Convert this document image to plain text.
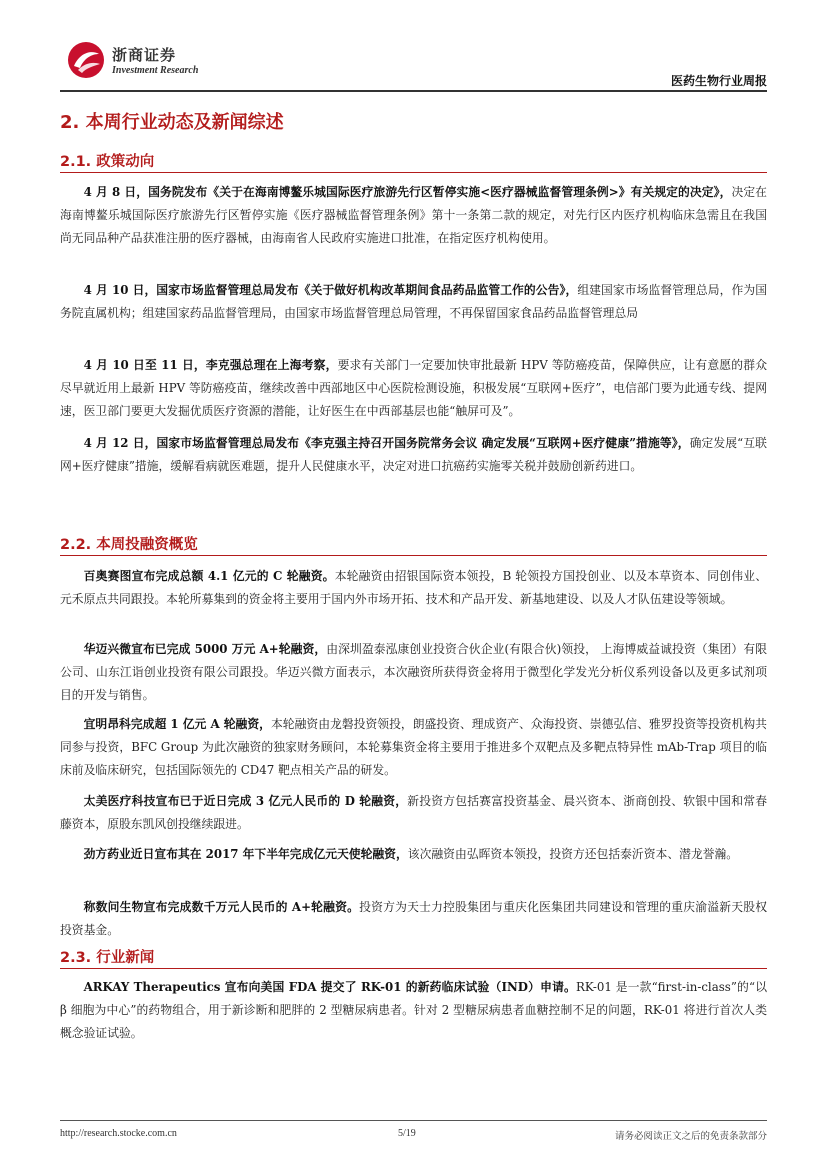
浙商证券
Investment Research
医药生物行业周报
2. 本周行业动态及新闻综述
2.1. 政策动向
4 月 8 日，国务院发布《关于在海南博鳌乐城国际医疗旅游先行区暂停实施<医疗器械监督管理条例>》有关规定的决定》，决定在海南博鳌乐城国际医疗旅游先行区暂停实施《医疗器械监督管理条例》第十一条第二款的规定，对先行区内医疗机构临床急需且在我国尚无同品种产品获准注册的医疗器械，由海南省人民政府实施进口批准，在指定医疗机构使用。
4 月 10 日，国家市场监督管理总局发布《关于做好机构改革期间食品药品监管工作的公告》，组建国家市场监督管理总局，作为国务院直属机构；组建国家药品监督管理局，由国家市场监督管理总局管理，不再保留国家食品药品监督管理总局
4 月 10 日至 11 日，李克强总理在上海考察，要求有关部门一定要加快审批最新 HPV 等防癌疫苗，保障供应，让有意愿的群众尽早就近用上最新 HPV 等防癌疫苗，继续改善中西部地区中心医院检测设施，积极发展“互联网+医疗”，电信部门要为此通专线、提网速，医卫部门要更大发掘优质医疗资源的潜能，让好医生在中西部基层也能“触屏可及”。
4 月 12 日，国家市场监督管理总局发布《李克强主持召开国务院常务会议 确定发展“互联网+医疗健康”措施等》，确定发展“互联网+医疗健康”措施，缓解看病就医难题，提升人民健康水平，决定对进口抗癌药实施零关税并鼓励创新药进口。
2.2. 本周投融资概览
百奥赛图宣布完成总额 4.1 亿元的 C 轮融资。本轮融资由招银国际资本领投，B 轮领投方国投创业、以及本草资本、同创伟业、元禾原点共同跟投。本轮所募集到的资金将主要用于国内外市场开拓、技术和产品开发、新基地建设、以及人才队伍建设等领域。
华迈兴微宣布已完成 5000 万元 A+轮融资，由深圳盈泰泓康创业投资合伙企业(有限合伙)领投， 上海博威益诚投资（集团）有限公司、山东江诣创业投资有限公司跟投。华迈兴微方面表示，本次融资所获得资金将用于微型化学发光分析仪系列设备以及更多试剂项目的开发与销售。
宜明昂科完成超 1 亿元 A 轮融资，本轮融资由龙磐投资领投，朗盛投资、理成资产、众海投资、崇德弘信、雅罗投资等投资机构共同参与投资，BFC Group 为此次融资的独家财务顾问，本轮募集资金将主要用于推进多个双靶点及多靶点特异性 mAb-Trap 项目的临床前及临床研究，包括国际领先的 CD47 靶点相关产品的研发。
太美医疗科技宣布已于近日完成 3 亿元人民币的 D 轮融资，新投资方包括赛富投资基金、晨兴资本、浙商创投、软银中国和常春藤资本，原股东凯风创投继续跟进。
劲方药业近日宣布其在 2017 年下半年完成亿元天使轮融资，该次融资由弘晖资本领投，投资方还包括泰沂资本、潜龙誉瀚。
称数问生物宣布完成数千万元人民币的 A+轮融资。投资方为天士力控股集团与重庆化医集团共同建设和管理的重庆渝溢新天股权投资基金。
2.3. 行业新闻
ARKAY Therapeutics 宣布向美国 FDA 提交了 RK-01 的新药临床试验（IND）申请。RK-01 是一款“first-in-class”的“以 β 细胞为中心”的药物组合，用于新诊断和肥胖的 2 型糖尿病患者。针对 2 型糖尿病患者血糖控制不足的问题，RK-01 将进行首次人类概念验证试验。
http://research.stocke.com.cn	5/19	请务必阅读正文之后的免责条款部分
